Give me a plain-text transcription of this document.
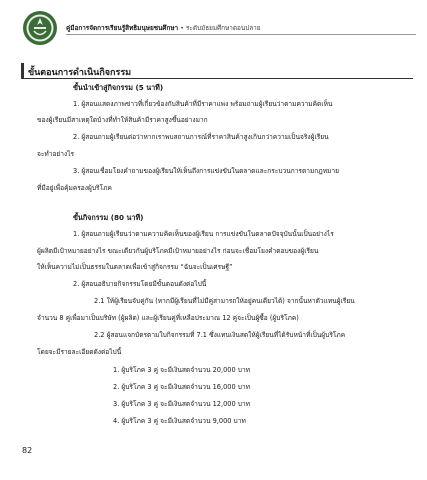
คู่มือการจัดการเรียนรู้สิทธิมนุษยชนศึกษา • ระดับมัธยมศึกษาตอนปลาย
ขั้นตอนการดำเนินกิจกรรม
ขั้นนำเข้าสู่กิจกรรม (5 นาที)
1. ผู้สอนแสดงภาพข่าวที่เกี่ยวข้องกับสินค้าที่มีราคาแพง พร้อมถามผู้เรียนว่าตามความคิดเห็น
ของผู้เรียนมีสาเหตุใดบ้างที่ทำให้สินค้ามีราคาสูงขึ้นอย่างมาก
2. ผู้สอนถามผู้เรียนต่อว่าหากเราพบสถานการณ์ที่ราคาสินค้าสูงเกินกว่าความเป็นจริงผู้เรียน
จะทำอย่างไร
3. ผู้สอนเชื่อมโยงคำถามของผู้เรียนให้เห็นถึงการแข่งขันในตลาดและกระบวนการตามกฎหมาย
ที่มีอยู่เพื่อคุ้มครองผู้บริโภค
ขั้นกิจกรรม (80 นาที)
1. ผู้สอนถามผู้เรียนว่าตามความคิดเห็นของผู้เรียน การแข่งขันในตลาดปัจจุบันนั้นเป็นอย่างไร
ผู้ผลิตมีเป้าหมายอย่างไร ขณะเดียวกันผู้บริโภคมีเป้าหมายอย่างไร ก่อนจะเชื่อมโยงคำตอบของผู้เรียน
ให้เห็นความไม่เป็นธรรมในตลาดเพื่อเข้าสู่กิจกรรม “ฉันจะเป็นเศรษฐี”
2. ผู้สอนอธิบายกิจกรรมโดยมีขั้นตอนดังต่อไปนี้
2.1 ให้ผู้เรียนจับคู่กัน (หากมีผู้เรียนที่ไม่มีคู่สามารถให้อยู่คนเดียวได้) จากนั้นหาตัวแทนผู้เรียน
จำนวน 8 คู่เพื่อมาเป็นบริษัท (ผู้ผลิต) และผู้เรียนคู่ที่เหลือประมาณ 12 คู่จะเป็นผู้ซื้อ (ผู้บริโภค)
2.2 ผู้สอนแจกบัตรตามใบกิจกรรมที่ 7.1 ซึ่งแทนเงินสดให้ผู้เรียนที่ได้รับหน้าที่เป็นผู้บริโภค
โดยจะมีรายละเอียดดังต่อไปนี้
1. ผู้บริโภค 3 คู่ จะมีเงินสดจำนวน 20,000 บาท
2. ผู้บริโภค 3 คู่ จะมีเงินสดจำนวน 16,000 บาท
3. ผู้บริโภค 3 คู่ จะมีเงินสดจำนวน 12,000 บาท
4. ผู้บริโภค 3 คู่ จะมีเงินสดจำนวน 9,000 บาท
82
